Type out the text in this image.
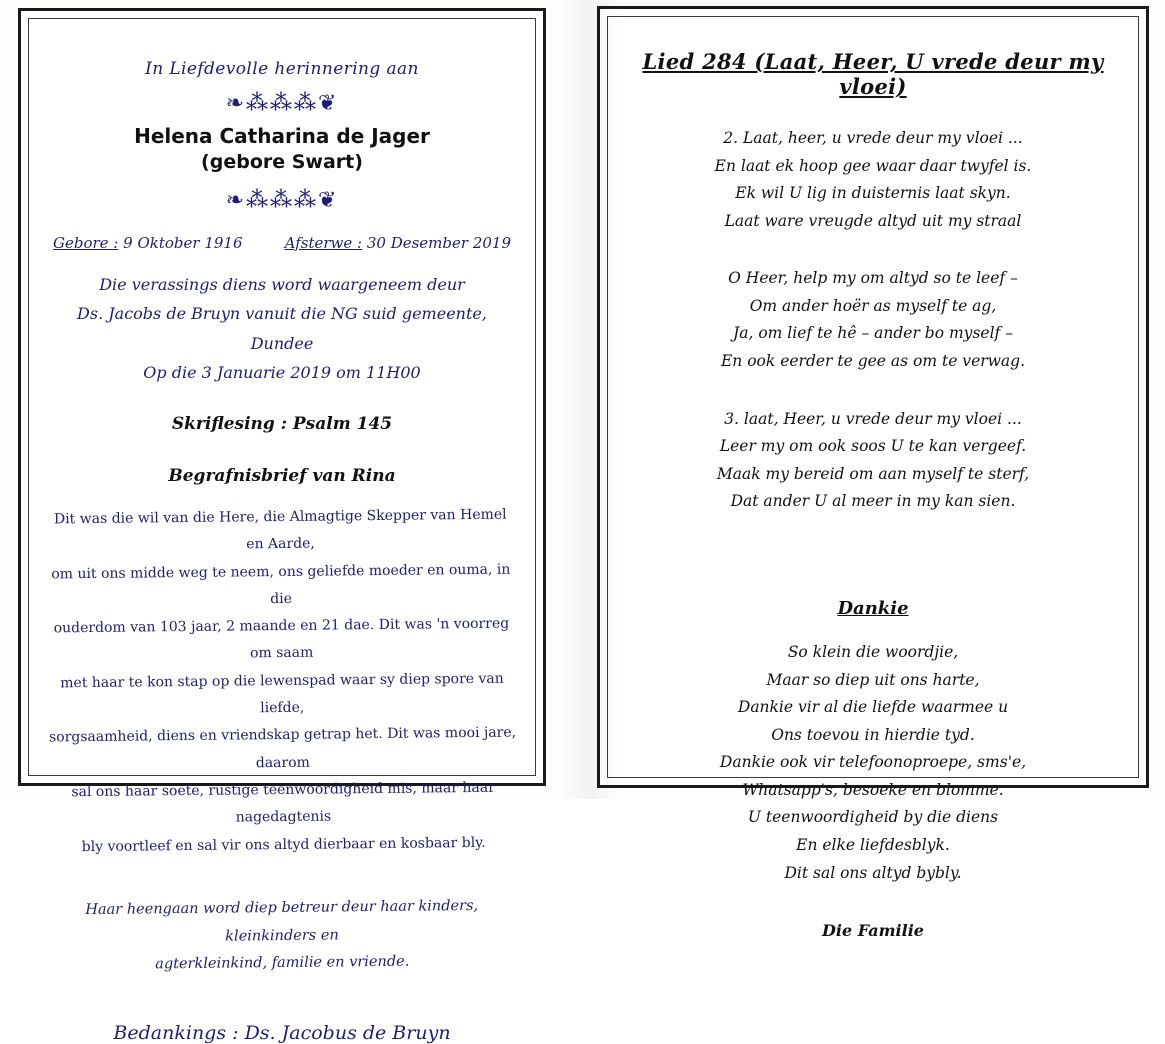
In Liefdevolle herinnering aan
❧⁂⁂⁂❦
Helena Catharina de Jager
(gebore Swart)
❧⁂⁂⁂❦
Gebore : 9 Oktober 1916	Afsterwe : 30 Desember 2019
Die verassings diens word waargeneem deur
Ds. Jacobs de Bruyn vanuit die NG suid gemeente, Dundee
Op die 3 Januarie 2019 om 11H00
Skriflesing : Psalm 145
Begrafnisbrief van Rina
Dit was die wil van die Here, die Almagtige Skepper van Hemel en Aarde,
om uit ons midde weg te neem, ons geliefde moeder en ouma, in die
ouderdom van 103 jaar, 2 maande en 21 dae. Dit was 'n voorreg om saam
met haar te kon stap op die lewenspad waar sy diep spore van liefde,
sorgsaamheid, diens en vriendskap getrap het. Dit was mooi jare, daarom
sal ons haar soete, rustige teenwoordigheid mis, maar haar nagedagtenis
bly voortleef en sal vir ons altyd dierbaar en kosbaar bly.
Haar heengaan word diep betreur deur haar kinders, kleinkinders en
agterkleinkind, familie en vriende.
Bedankings : Ds. Jacobus de Bruyn
Lied 284 (Laat, Heer, U vrede deur my vloei)
2. Laat, heer, u vrede deur my vloei ...
En laat ek hoop gee waar daar twyfel is.
Ek wil U lig in duisternis laat skyn.
Laat ware vreugde altyd uit my straal
O Heer, help my om altyd so te leef –
Om ander hoër as myself te ag,
Ja, om lief te hê – ander bo myself –
En ook eerder te gee as om te verwag.
3. laat, Heer, u vrede deur my vloei ...
Leer my om ook soos U te kan vergeef.
Maak my bereid om aan myself te sterf,
Dat ander U al meer in my kan sien.
Dankie
So klein die woordjie,
Maar so diep uit ons harte,
Dankie vir al die liefde waarmee u
Ons toevou in hierdie tyd.
Dankie ook vir telefoonoproepe, sms'e,
Whatsapp's, besoeke en blomme.
U teenwoordigheid by die diens
En elke liefdesblyk.
Dit sal ons altyd bybly.
Die Familie
